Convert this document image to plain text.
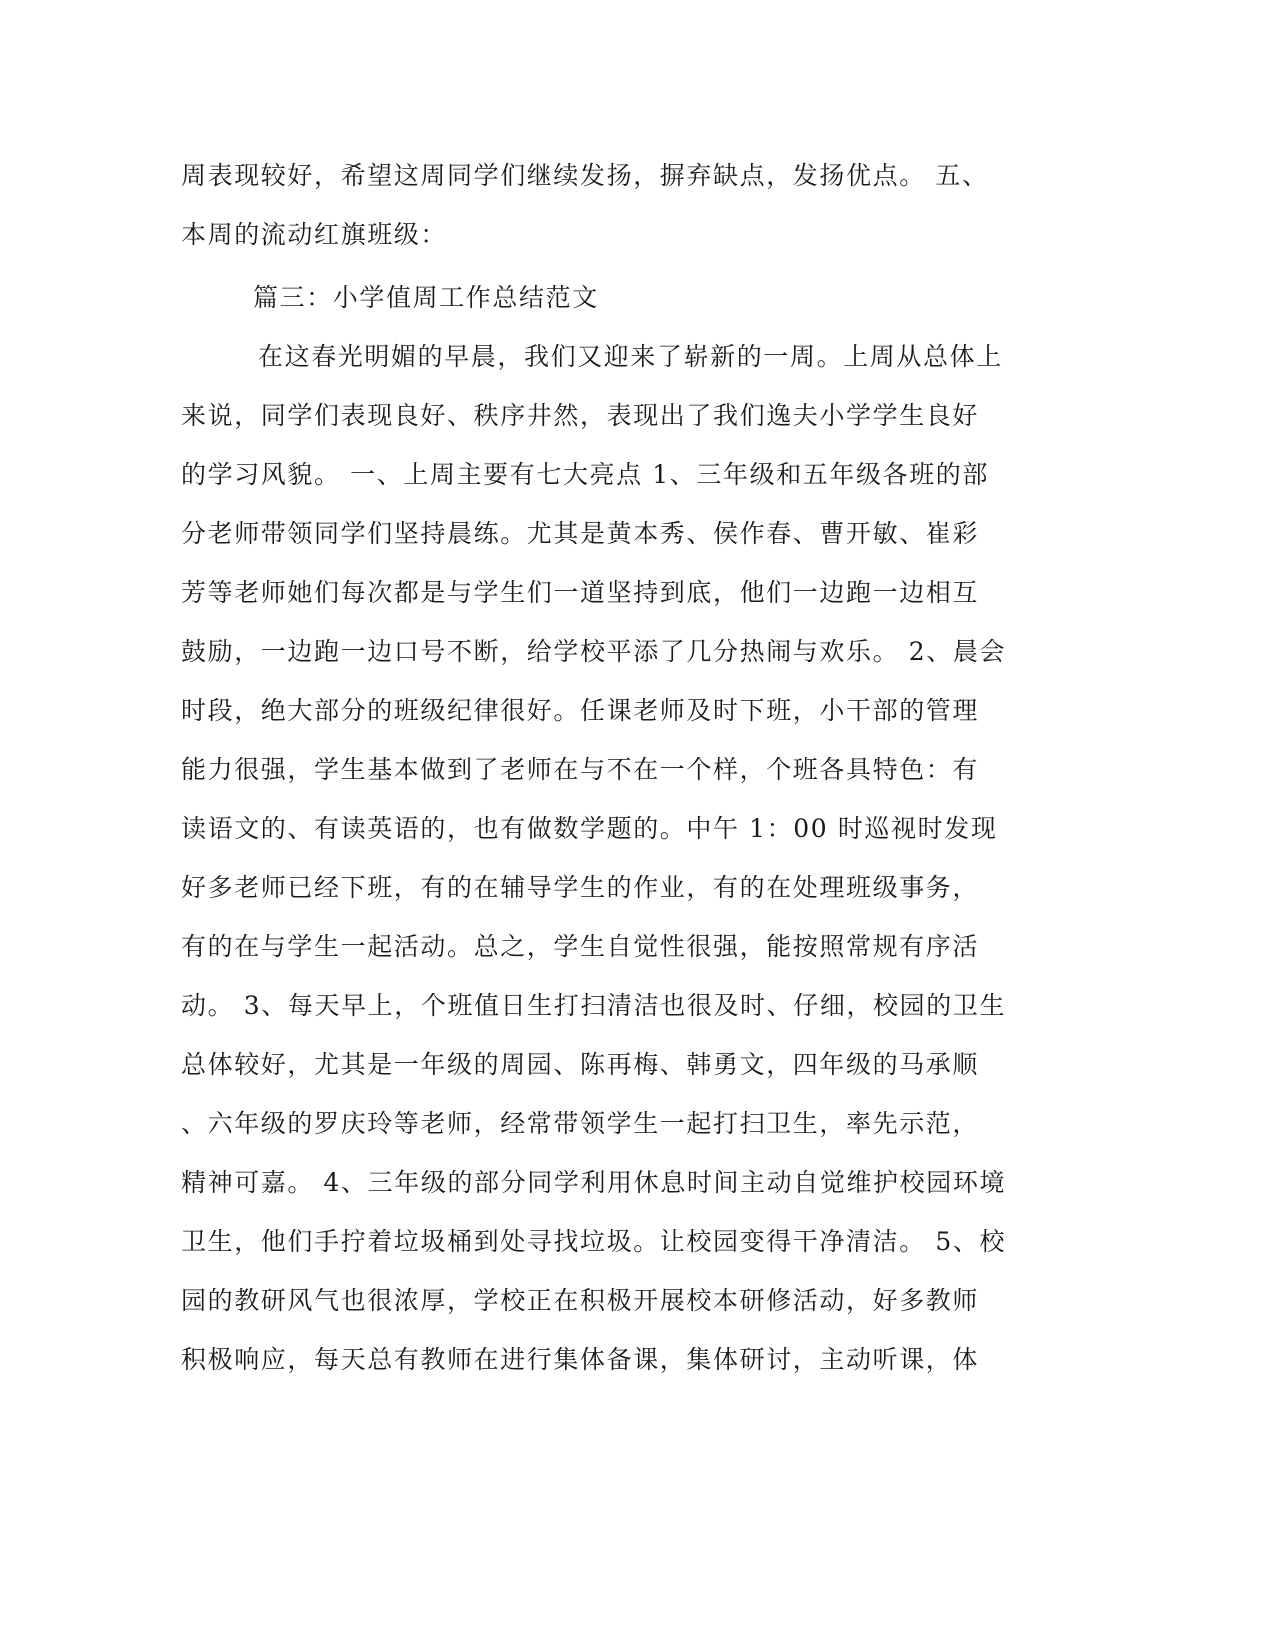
周表现较好，希望这周同学们继续发扬，摒弃缺点，发扬优点。 五、
本周的流动红旗班级：
篇三：小学值周工作总结范文
在这春光明媚的早晨，我们又迎来了崭新的一周。上周从总体上
来说，同学们表现良好、秩序井然，表现出了我们逸夫小学学生良好
的学习风貌。 一、上周主要有七大亮点 1、三年级和五年级各班的部
分老师带领同学们坚持晨练。尤其是黄本秀、侯作春、曹开敏、崔彩
芳等老师她们每次都是与学生们一道坚持到底，他们一边跑一边相互
鼓励，一边跑一边口号不断，给学校平添了几分热闹与欢乐。 2、晨会
时段，绝大部分的班级纪律很好。任课老师及时下班，小干部的管理
能力很强，学生基本做到了老师在与不在一个样，个班各具特色：有
读语文的、有读英语的，也有做数学题的。中午 1：00 时巡视时发现
好多老师已经下班，有的在辅导学生的作业，有的在处理班级事务，
有的在与学生一起活动。总之，学生自觉性很强，能按照常规有序活
动。 3、每天早上，个班值日生打扫清洁也很及时、仔细，校园的卫生
总体较好，尤其是一年级的周园、陈再梅、韩勇文，四年级的马承顺
、六年级的罗庆玲等老师，经常带领学生一起打扫卫生，率先示范，
精神可嘉。 4、三年级的部分同学利用休息时间主动自觉维护校园环境
卫生，他们手拧着垃圾桶到处寻找垃圾。让校园变得干净清洁。 5、校
园的教研风气也很浓厚，学校正在积极开展校本研修活动，好多教师
积极响应，每天总有教师在进行集体备课，集体研讨，主动听课，体
